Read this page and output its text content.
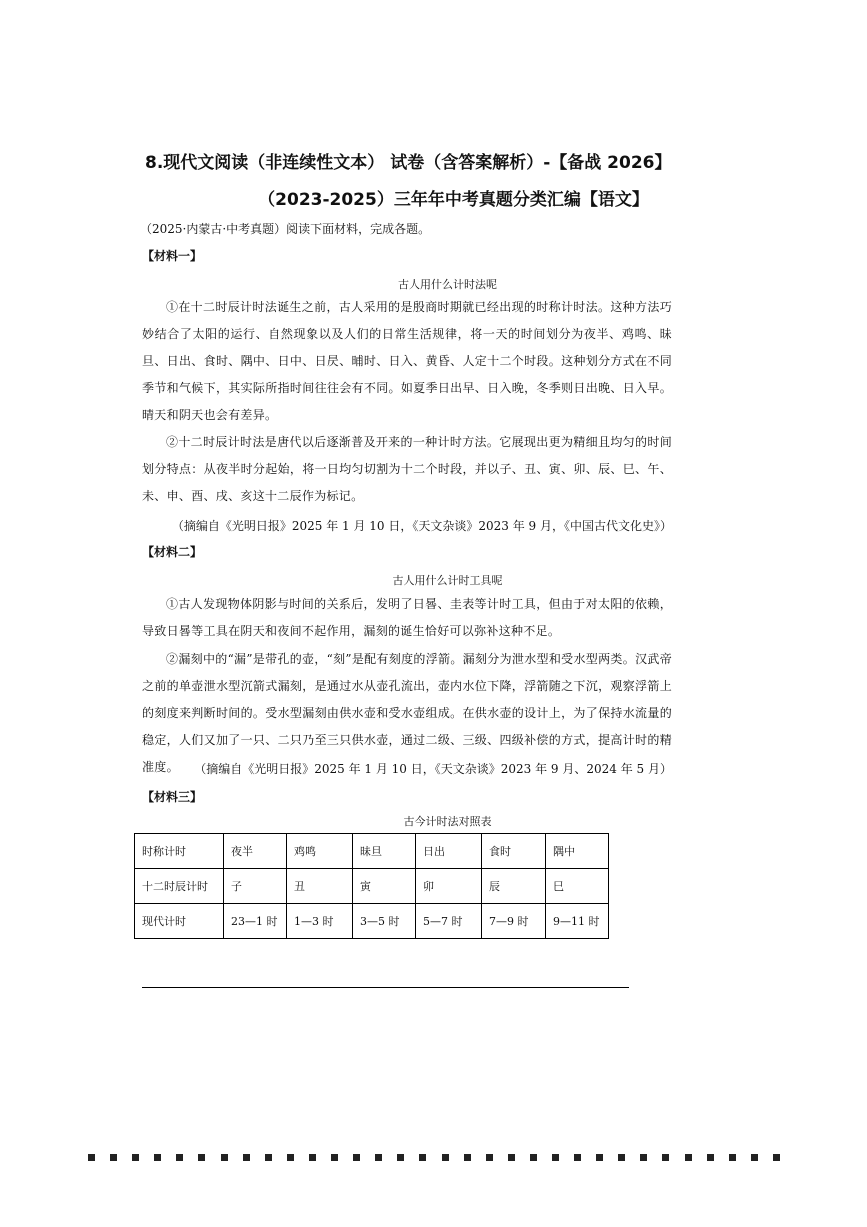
8.现代文阅读（非连续性文本） 试卷（含答案解析）-【备战 2026】
（2023-2025）三年年中考真题分类汇编【语文】
（2025·内蒙古·中考真题）阅读下面材料，完成各题。
【材料一】
古人用什么计时法呢
①在十二时辰计时法诞生之前，古人采用的是殷商时期就已经出现的时称计时法。这种方法巧妙结合了太阳的运行、自然现象以及人们的日常生活规律，将一天的时间划分为夜半、鸡鸣、昧旦、日出、食时、隅中、日中、日昃、晡时、日入、黄昏、人定十二个时段。这种划分方式在不同季节和气候下，其实际所指时间往往会有不同。如夏季日出早、日入晚，冬季则日出晚、日入早。晴天和阴天也会有差异。
②十二时辰计时法是唐代以后逐渐普及开来的一种计时方法。它展现出更为精细且均匀的时间划分特点：从夜半时分起始，将一日均匀切割为十二个时段，并以子、丑、寅、卯、辰、巳、午、未、申、酉、戌、亥这十二辰作为标记。
（摘编自《光明日报》2025 年 1 月 10 日，《天文杂谈》2023 年 9 月，《中国古代文化史》）
【材料二】
古人用什么计时工具呢
①古人发现物体阴影与时间的关系后，发明了日晷、圭表等计时工具，但由于对太阳的依赖，导致日晷等工具在阴天和夜间不起作用，漏刻的诞生恰好可以弥补这种不足。
②漏刻中的“漏”是带孔的壶，“刻”是配有刻度的浮箭。漏刻分为泄水型和受水型两类。汉武帝之前的单壶泄水型沉箭式漏刻，是通过水从壶孔流出，壶内水位下降，浮箭随之下沉，观察浮箭上的刻度来判断时间的。受水型漏刻由供水壶和受水壶组成。在供水壶的设计上，为了保持水流量的稳定，人们又加了一只、二只乃至三只供水壶，通过二级、三级、四级补偿的方式，提高计时的精准度。	（摘编自《光明日报》2025 年 1 月 10 日，《天文杂谈》2023 年 9 月、2024 年 5 月）
【材料三】
古今计时法对照表
时称计时	夜半	鸡鸣	昧旦	日出	食时	隅中
十二时辰计时	子	丑	寅	卯	辰	巳
现代计时	23—1 时	1—3 时	3—5 时	5—7 时	7—9 时	9—11 时
